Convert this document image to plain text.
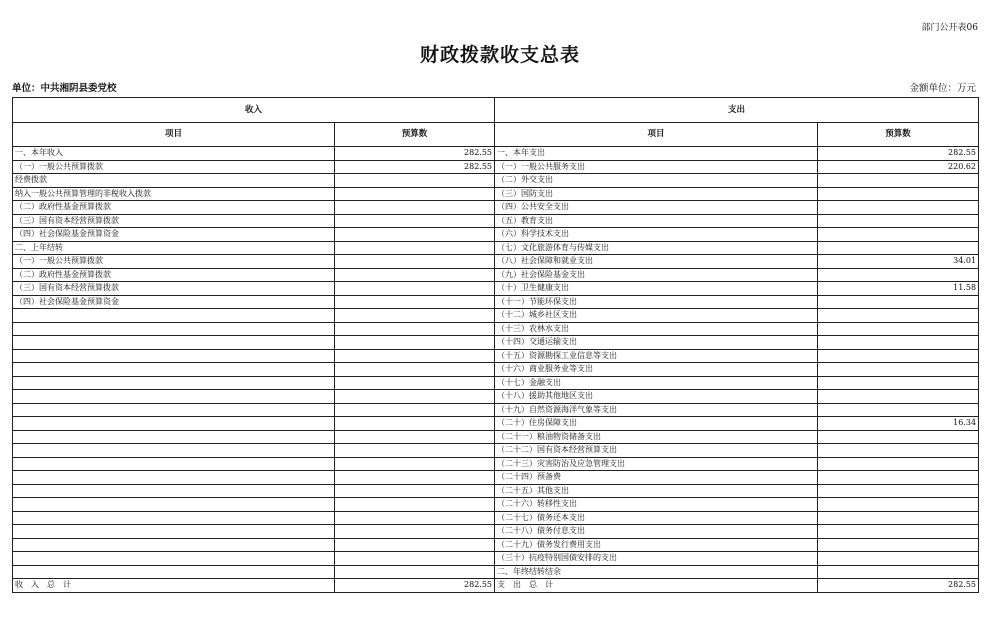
部门公开表06
财政拨款收支总表
单位：中共湘阴县委党校	金额单位：万元
收入		支出	
项目	预算数	项目	预算数
一、本年收入	282.55	一、本年支出	282.55
（一）一般公共预算拨款	282.55	（一）一般公共服务支出	220.62
经费拨款		（二）外交支出	
纳入一般公共预算管理的非税收入拨款		（三）国防支出	
（二）政府性基金预算拨款		（四）公共安全支出	
（三）国有资本经营预算拨款		（五）教育支出	
（四）社会保险基金预算资金		（六）科学技术支出	
二、上年结转		（七）文化旅游体育与传媒支出	
（一）一般公共预算拨款		（八）社会保障和就业支出	34.01
（二）政府性基金预算拨款		（九）社会保险基金支出	
（三）国有资本经营预算拨款		（十）卫生健康支出	11.58
（四）社会保险基金预算资金		（十一）节能环保支出	
		（十二）城乡社区支出	
		（十三）农林水支出	
		（十四）交通运输支出	
		（十五）资源勘探工业信息等支出	
		（十六）商业服务业等支出	
		（十七）金融支出	
		（十八）援助其他地区支出	
		（十九）自然资源海洋气象等支出	
		（二十）住房保障支出	16.34
		（二十一）粮油物资储备支出	
		（二十二）国有资本经营预算支出	
		（二十三）灾害防治及应急管理支出	
		（二十四）预备费	
		（二十五）其他支出	
		（二十六）转移性支出	
		（二十七）债务还本支出	
		（二十八）债务付息支出	
		（二十九）债务发行费用支出	
		（三十）抗疫特别国债安排的支出	
		二、年终结转结余	
收　入　总　计	282.55	支　出　总　计	282.55
